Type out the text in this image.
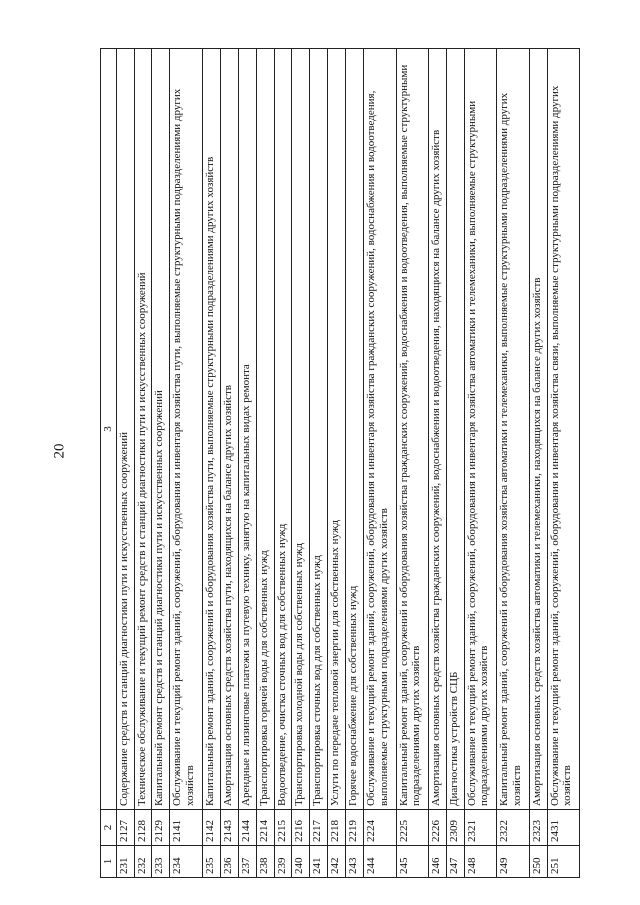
20
1	2	3
231	2127	Содержание средств и станций диагностики пути и искусственных сооружений
232	2128	Техническое обслуживание и текущий ремонт средств и станций диагностики пути и искусственных сооружений
233	2129	Капитальный ремонт средств и станций диагностики пути и искусственных сооружений
234	2141	Обслуживание и текущий ремонт зданий, сооружений, оборудования и инвентаря хозяйства пути, выполняемые структурными подразделениями других хозяйств
235	2142	Капитальный ремонт зданий, сооружений и оборудования хозяйства пути, выполняемые структурными подразделениями других хозяйств
236	2143	Амортизация основных средств хозяйства пути, находящихся на балансе других хозяйств
237	2144	Арендные и лизинговые платежи за путевую технику, занятую на капитальных видах ремонта
238	2214	Транспортировка горячей воды для собственных нужд
239	2215	Водоотведение, очистка сточных вод для собственных нужд
240	2216	Транспортировка холодной воды для собственных нужд
241	2217	Транспортировка сточных вод для собственных нужд
242	2218	Услуги по передаче тепловой энергии для собственных нужд
243	2219	Горячее водоснабжение для собственных нужд
244	2224	Обслуживание и текущий ремонт зданий, сооружений, оборудования и инвентаря хозяйства гражданских сооружений, водоснабжения и водоотведения, выполняемые структурными подразделениями других хозяйств
245	2225	Капитальный ремонт зданий, сооружений и оборудования хозяйства гражданских сооружений, водоснабжения и водоотведения, выполняемые структурными подразделениями других хозяйств
246	2226	Амортизация основных средств хозяйства гражданских сооружений, водоснабжения и водоотведения, находящихся на балансе других хозяйств
247	2309	Диагностика устройств СЦБ
248	2321	Обслуживание и текущий ремонт зданий, сооружений, оборудования и инвентаря хозяйства автоматики и телемеханики, выполняемые структурными подразделениями других хозяйств
249	2322	Капитальный ремонт зданий, сооружений и оборудования хозяйства автоматики и телемеханики, выполняемые структурными подразделениями других хозяйств
250	2323	Амортизация основных средств хозяйства автоматики и телемеханики, находящихся на балансе других хозяйств
251	2431	Обслуживание и текущий ремонт зданий, сооружений, оборудования и инвентаря хозяйства связи, выполняемые структурными подразделениями других хозяйств
